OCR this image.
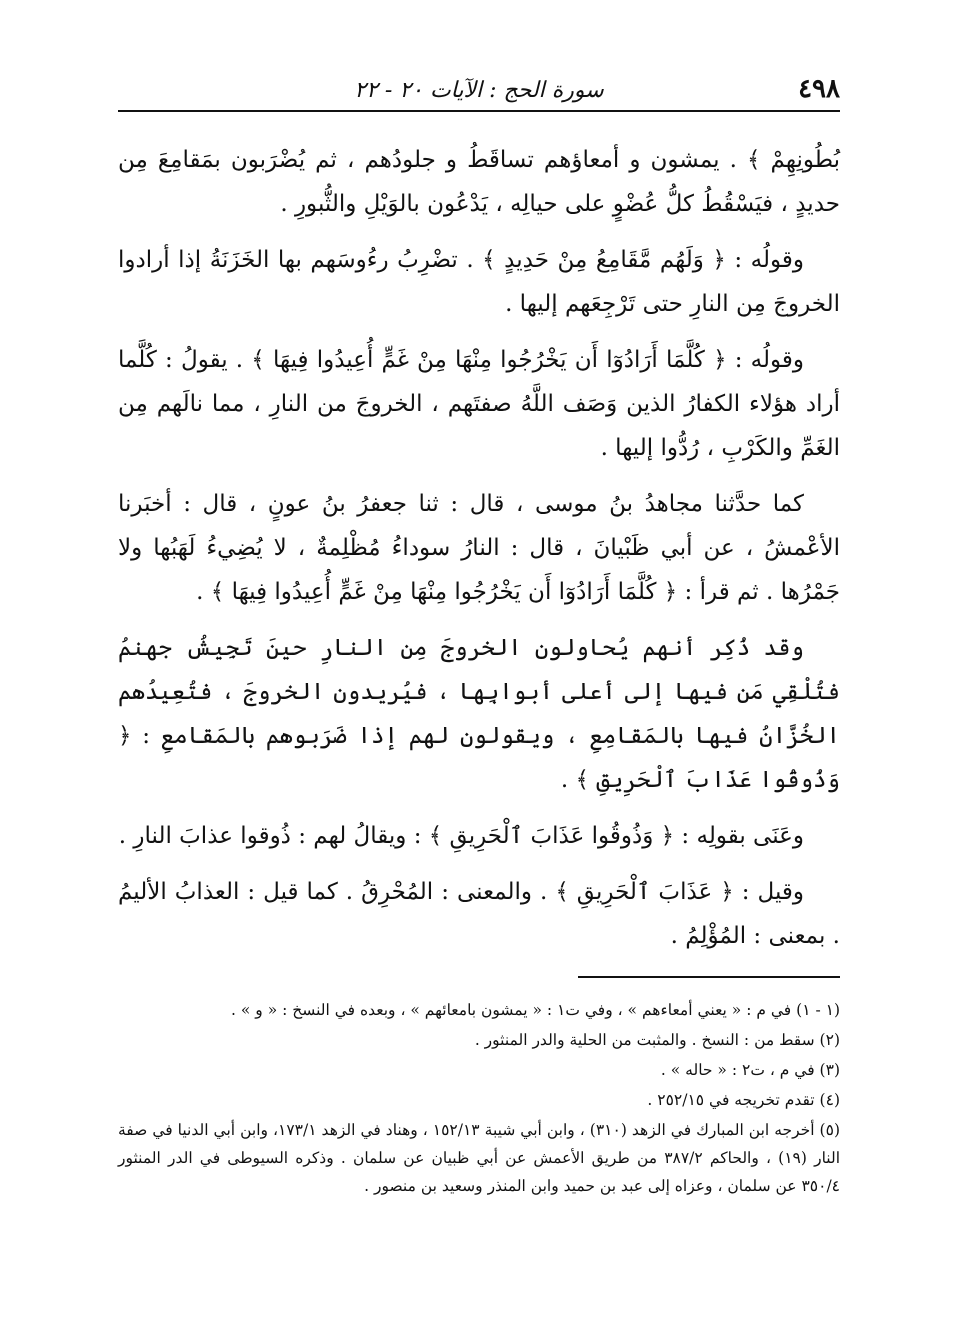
٤٩٨
سورة الحج : الآيات ٢٠ - ٢٢

بُطُونِهِمْ ﴾ . يمشون و أمعاؤهم تساقَطُ و جلودُهم ، ثم يُضْرَبون بمَقامِعَ مِن حديدٍ ، فيَسْقُطُ كلُّ عُضْوٍ على حيالِه ، يَدْعُون بالوَيْلِ والثُّبورِ .

وقولُه : ﴿ وَلَهُم مَّقَامِعُ مِنْ حَدِيدٍ ﴾ . تضْرِبُ رءُوسَهم بها الخَزَنَةُ إذا أرادوا الخروجَ مِن النارِ حتى تَرْجِعَهم إليها .

وقولُه : ﴿ كُلَّمَا أَرَادُوٓا أَن يَخْرُجُوا مِنْهَا مِنْ غَمٍّ أُعِيدُوا فِيهَا ﴾ . يقولُ : كُلَّما أراد هؤلاء الكفارُ الذين وَصَف اللَّهُ صفتَهم ، الخروجَ من النارِ ، مما نالَهم مِن الغَمِّ والكَرْبِ ، رُدُّوا إليها .

كما حدَّثنا مجاهدُ بنُ موسى ، قال : ثنا جعفرُ بنُ عونٍ ، قال : أخبَرنا الأعْمشُ ، عن أبي ظَبْيانَ ، قال : النارُ سوداءُ مُظْلِمةٌ ، لا يُضِيءُ لَهَبُها ولا جَمْرُها . ثم قرأ : ﴿ كُلَّمَا أَرَادُوٓا أَن يَخْرُجُوا مِنْهَا مِنْ غَمٍّ أُعِيدُوا فِيهَا ﴾ .

وقد ذُكِر أنهم يُحاولون الخروجَ مِن النارِ حينَ تَجِيشُ جهنمُ فتُلْقِي مَن فيها إلى أعلى أبوابِها ، فيُريدون الخروجَ ، فتُعِيدُهم الخُزَّانُ فيها بالمَقامِعِ ، ويقولون لهم إذا ضَرَبوهم بالمَقامعِ : ﴿ وَذُوقُوا عَذَابَ ٱلْحَرِيقِ ﴾ .

وعَنَى بقولِه : ﴿ وَذُوقُوا عَذَابَ ٱلْحَرِيقِ ﴾ : ويقالُ لهم : ذُوقوا عذابَ النارِ .

وقيل : ﴿ عَذَابَ ٱلْحَرِيقِ ﴾ . والمعنى : المُحْرِقُ . كما قيل : العذابُ الأليمُ . بمعنى : المُؤْلِمُ .

(١ - ١) في م : « يعني أمعاءهم » ، وفي ت١ : « يمشون بامعائهم » ، وبعده في النسخ : « و » .

(٢) سقط من : النسخ . والمثبت من الحلية والدر المنثور .

(٣) في م ، ت٢ : « حاله » .

(٤) تقدم تخريجه في ٢٥٢/١٥ .

(٥) أخرجه ابن المبارك في الزهد (٣١٠) ، وابن أبي شيبة ١٥٢/١٣ ، وهناد في الزهد ١٧٣/١، وابن أبي الدنيا في صفة النار (١٩) ، والحاكم ٣٨٧/٢ من طريق الأعمش عن أبي ظبيان عن سلمان . وذكره السيوطى في الدر المنثور ٣٥٠/٤ عن سلمان ، وعزاه إلى عبد بن حميد وابن المنذر وسعيد بن منصور .
